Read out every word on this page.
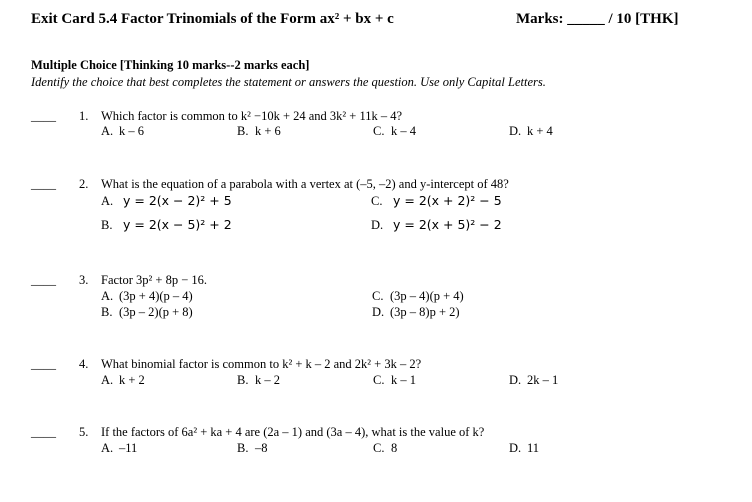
Exit Card 5.4 Factor Trinomials of the Form ax² + bx + c	Marks: _____ / 10 [THK]
Multiple Choice [Thinking 10 marks--2 marks each]
Identify the choice that best completes the statement or answers the question. Use only Capital Letters.
____ 1. Which factor is common to k² −10k + 24 and 3k² + 11k – 4?
A. k – 6	B. k + 6	C. k – 4	D. k + 4
____ 2. What is the equation of a parabola with a vertex at (–5, –2) and y-intercept of 48?
A. y = 2(x − 2)² + 5	C. y = 2(x + 2)² − 5
B. y = 2(x − 5)² + 2	D. y = 2(x + 5)² − 2
____ 3. Factor 3p² + 8p − 16.
A. (3p + 4)(p – 4)	C. (3p – 4)(p + 4)
B. (3p – 2)(p + 8)	D. (3p – 8)p + 2)
____ 4. What binomial factor is common to k² + k – 2 and 2k² + 3k – 2?
A. k + 2	B. k – 2	C. k – 1	D. 2k – 1
____ 5. If the factors of 6a² + ka + 4 are (2a – 1) and (3a – 4), what is the value of k?
A. –11	B. –8	C. 8	D. 11
